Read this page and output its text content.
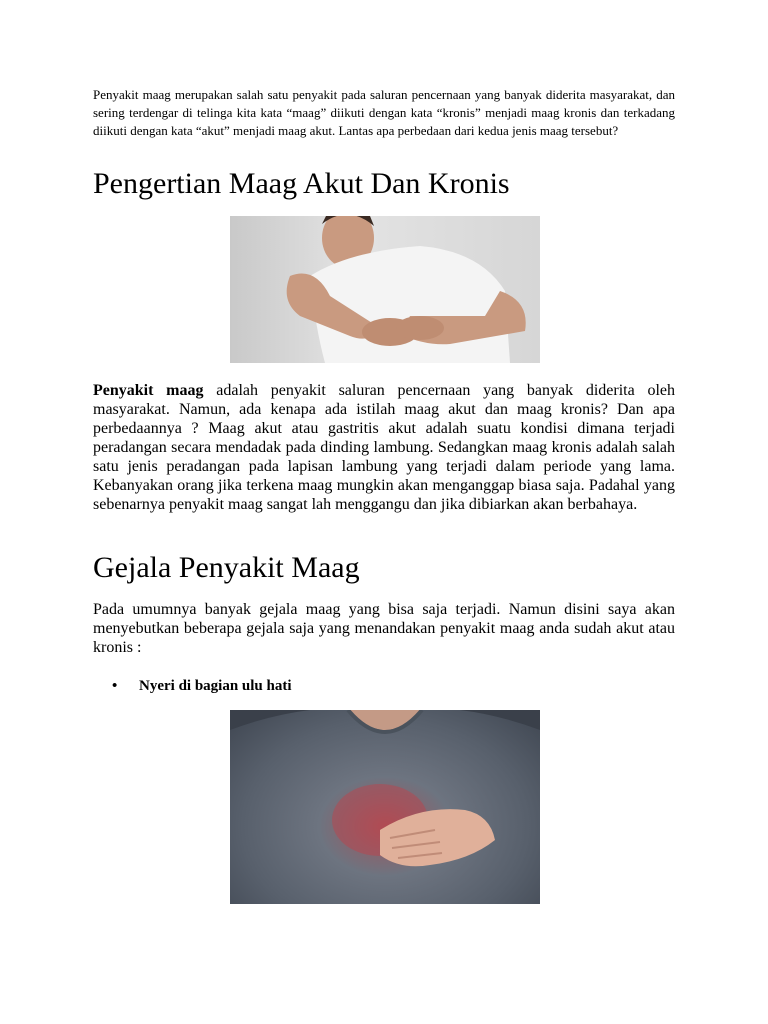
Penyakit maag merupakan salah satu penyakit pada saluran pencernaan yang banyak diderita masyarakat, dan sering terdengar di telinga kita kata “maag” diikuti dengan kata “kronis” menjadi maag kronis dan terkadang diikuti dengan kata “akut” menjadi maag akut. Lantas apa perbedaan dari kedua jenis maag tersebut?

Pengertian Maag Akut Dan Kronis

Penyakit maag adalah penyakit saluran pencernaan yang banyak diderita oleh masyarakat. Namun, ada kenapa ada istilah maag akut dan maag kronis? Dan apa perbedaannya ? Maag akut atau gastritis akut adalah suatu kondisi dimana terjadi peradangan secara mendadak pada dinding lambung. Sedangkan maag kronis adalah salah satu jenis peradangan pada lapisan lambung yang terjadi dalam periode yang lama. Kebanyakan orang jika terkena maag mungkin akan menganggap biasa saja. Padahal yang sebenarnya penyakit maag sangat lah menggangu dan jika dibiarkan akan berbahaya.

Gejala Penyakit Maag

Pada umumnya banyak gejala maag yang bisa saja terjadi. Namun disini saya akan menyebutkan beberapa gejala saja yang menandakan penyakit maag anda sudah akut atau kronis :

• Nyeri di bagian ulu hati
